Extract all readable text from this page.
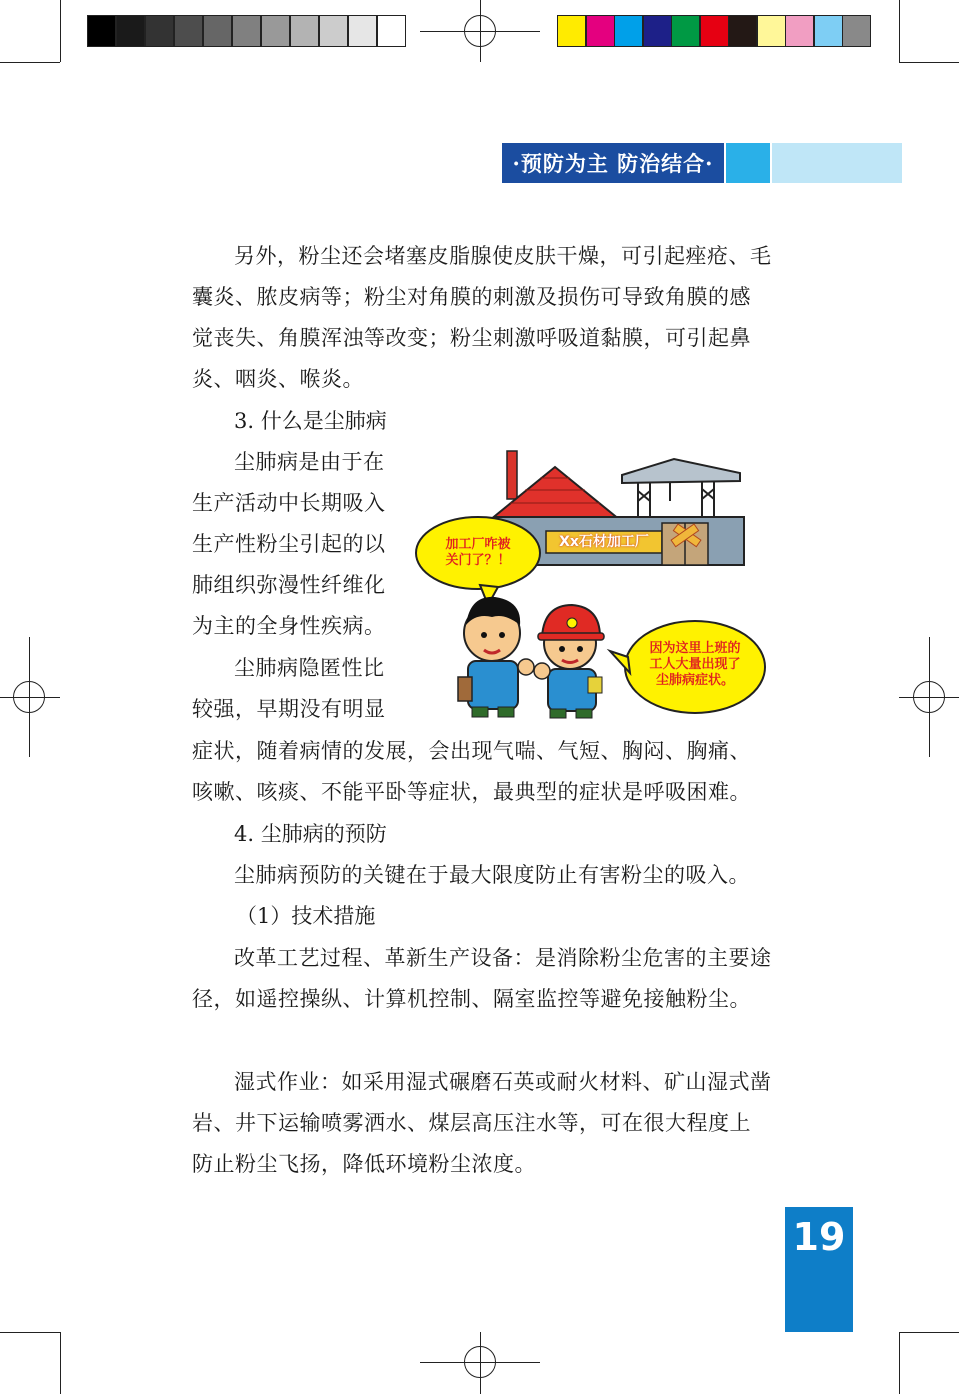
·预防为主 防治结合·

另外，粉尘还会堵塞皮脂腺使皮肤干燥，可引起痤疮、毛囊炎、脓皮病等；粉尘对角膜的刺激及损伤可导致角膜的感觉丧失、角膜浑浊等改变；粉尘刺激呼吸道黏膜，可引起鼻炎、咽炎、喉炎。

3. 什么是尘肺病

尘肺病是由于在生产活动中长期吸入生产性粉尘引起的以肺组织弥漫性纤维化为主的全身性疾病。

尘肺病隐匿性比较强，早期没有明显

症状，随着病情的发展，会出现气喘、气短、胸闷、胸痛、咳嗽、咳痰、不能平卧等症状，最典型的症状是呼吸困难。

4. 尘肺病的预防

尘肺病预防的关键在于最大限度防止有害粉尘的吸入。

（1）技术措施

改革工艺过程、革新生产设备：是消除粉尘危害的主要途径，如遥控操纵、计算机控制、隔室监控等避免接触粉尘。

湿式作业：如采用湿式碾磨石英或耐火材料、矿山湿式凿岩、井下运输喷雾洒水、煤层高压注水等，可在很大程度上防止粉尘飞扬，降低环境粉尘浓度。

Xx石材加工厂
加工厂咋被
关门了？！
因为这里上班的
工人大量出现了
尘肺病症状。
19
